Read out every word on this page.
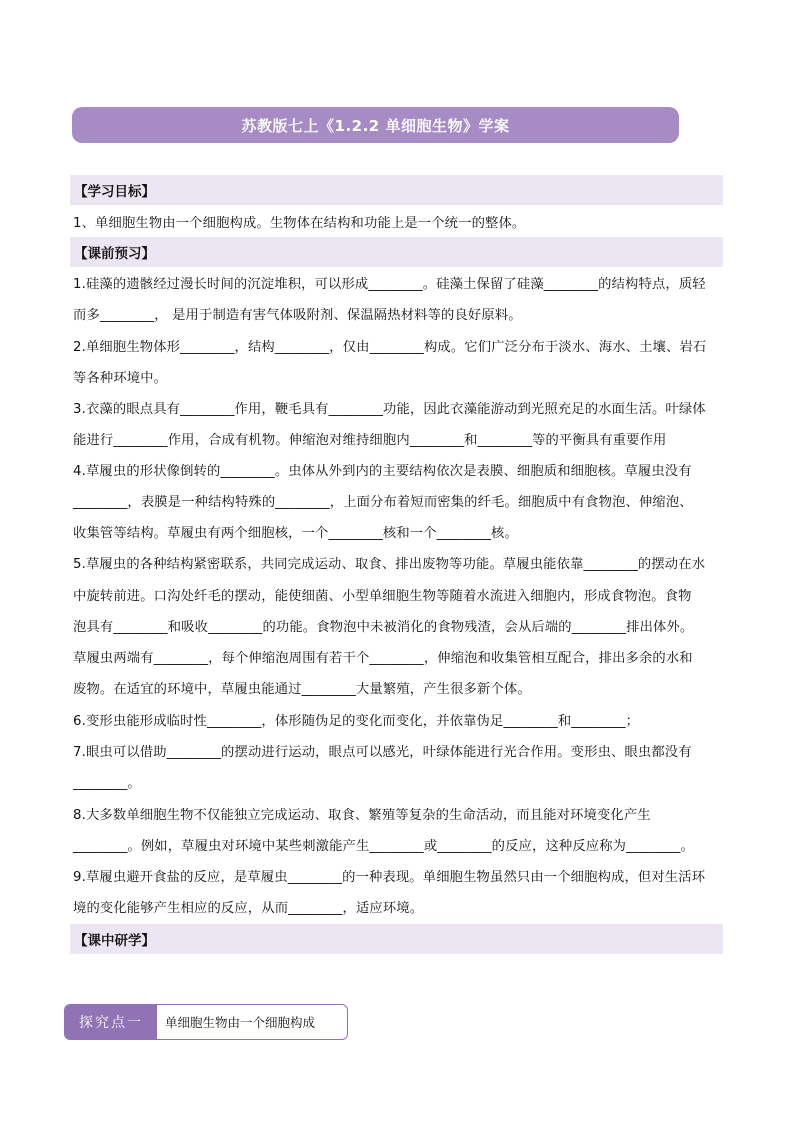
苏教版七上《1.2.2 单细胞生物》学案
【学习目标】
1、单细胞生物由一个细胞构成。生物体在结构和功能上是一个统一的整体。
【课前预习】
1.硅藻的遗骸经过漫长时间的沉淀堆积，可以形成________。硅藻土保留了硅藻________的结构特点，质轻
而多________， 是用于制造有害气体吸附剂、保温隔热材料等的良好原料。
2.单细胞生物体形________，结构________，仅由________构成。它们广泛分布于淡水、海水、土壤、岩石
等各种环境中。
3.衣藻的眼点具有________作用，鞭毛具有________功能，因此衣藻能游动到光照充足的水面生活。叶绿体
能进行________作用，合成有机物。伸缩泡对维持细胞内________和________等的平衡具有重要作用
4.草履虫的形状像倒转的________。虫体从外到内的主要结构依次是表膜、细胞质和细胞核。草履虫没有
________，表膜是一种结构特殊的________，上面分布着短而密集的纤毛。细胞质中有食物泡、伸缩泡、
收集管等结构。草履虫有两个细胞核，一个________核和一个________核。
5.草履虫的各种结构紧密联系，共同完成运动、取食、排出废物等功能。草履虫能依靠________的摆动在水
中旋转前进。口沟处纤毛的摆动，能使细菌、小型单细胞生物等随着水流进入细胞内，形成食物泡。食物
泡具有________和吸收________的功能。食物泡中未被消化的食物残渣，会从后端的________排出体外。
草履虫两端有________，每个伸缩泡周围有若干个________，伸缩泡和收集管相互配合，排出多余的水和
废物。在适宜的环境中，草履虫能通过________大量繁殖，产生很多新个体。
6.变形虫能形成临时性________，体形随伪足的变化而变化，并依靠伪足________和________；
7.眼虫可以借助________的摆动进行运动，眼点可以感光，叶绿体能进行光合作用。变形虫、眼虫都没有
________。
8.大多数单细胞生物不仅能独立完成运动、取食、繁殖等复杂的生命活动，而且能对环境变化产生
________。例如，草履虫对环境中某些刺激能产生________或________的反应，这种反应称为________。
9.草履虫避开食盐的反应，是草履虫________的一种表现。单细胞生物虽然只由一个细胞构成，但对生活环
境的变化能够产生相应的反应，从而________，适应环境。
【课中研学】
探究点一	单细胞生物由一个细胞构成
